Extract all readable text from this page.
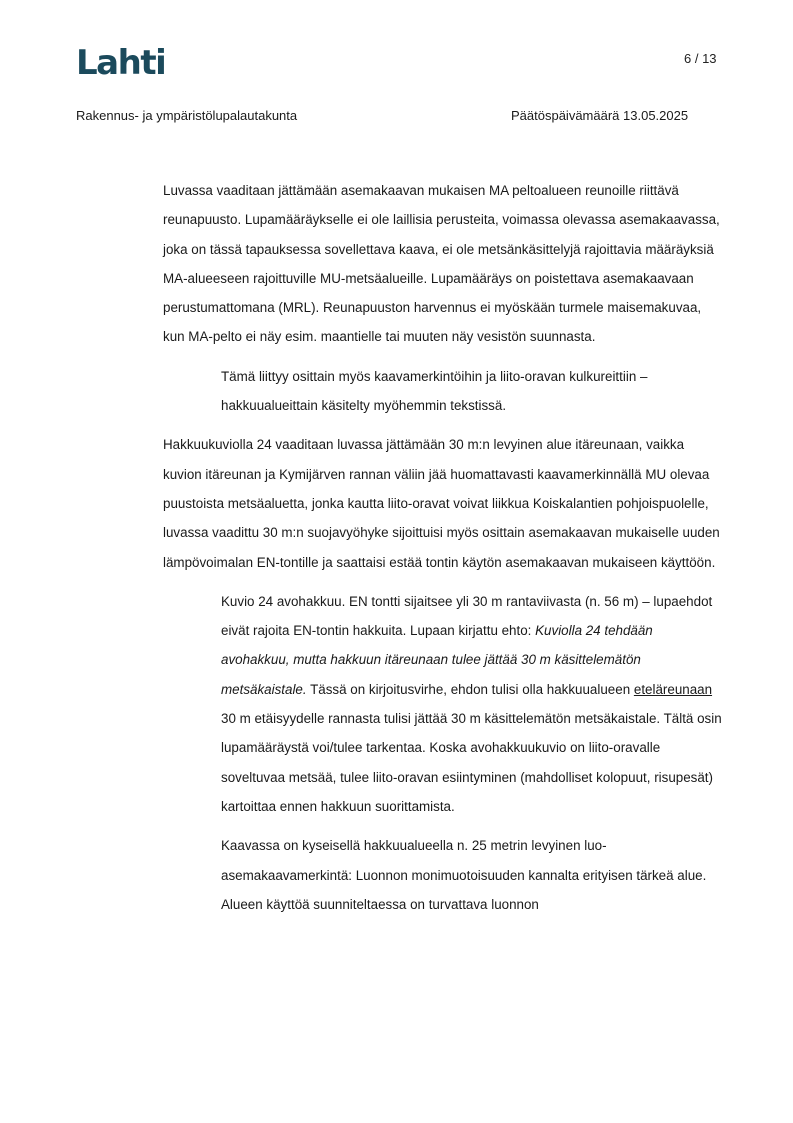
Lahti	6 / 13
Rakennus- ja ympäristölupalautakunta	Päätöspäivämäärä 13.05.2025

Luvassa vaaditaan jättämään asemakaavan mukaisen MA peltoalueen reunoille riittävä reunapuusto. Lupamääräykselle ei ole laillisia perusteita, voimassa olevassa asemakaavassa, joka on tässä tapauksessa sovellettava kaava, ei ole metsänkäsittelyjä rajoittavia määräyksiä MA-alueeseen rajoittuville MU-metsäalueille. Lupamääräys on poistettava asemakaavaan perustumattomana (MRL). Reunapuuston harvennus ei myöskään turmele maisemakuvaa, kun MA-pelto ei näy esim. maantielle tai muuten näy vesistön suunnasta.

Tämä liittyy osittain myös kaavamerkintöihin ja liito-oravan kulkureittiin – hakkuualueittain käsitelty myöhemmin tekstissä.

Hakkuukuviolla 24 vaaditaan luvassa jättämään 30 m:n levyinen alue itäreunaan, vaikka kuvion itäreunan ja Kymijärven rannan väliin jää huomattavasti kaavamerkinnällä MU olevaa puustoista metsäaluetta, jonka kautta liito-oravat voivat liikkua Koiskalantien pohjoispuolelle, luvassa vaadittu 30 m:n suojavyöhyke sijoittuisi myös osittain asemakaavan mukaiselle uuden lämpövoimalan EN-tontille ja saattaisi estää tontin käytön asemakaavan mukaiseen käyttöön.

Kuvio 24 avohakkuu. EN tontti sijaitsee yli 30 m rantaviivasta (n. 56 m) – lupaehdot eivät rajoita EN-tontin hakkuita. Lupaan kirjattu ehto: Kuviolla 24 tehdään avohakkuu, mutta hakkuun itäreunaan tulee jättää 30 m käsittelemätön metsäkaistale. Tässä on kirjoitusvirhe, ehdon tulisi olla hakkuualueen eteläreunaan 30 m etäisyydelle rannasta tulisi jättää 30 m käsittelemätön metsäkaistale. Tältä osin lupamääräystä voi/tulee tarkentaa. Koska avohakkuukuvio on liito-oravalle soveltuvaa metsää, tulee liito-oravan esiintyminen (mahdolliset kolopuut, risupesät) kartoittaa ennen hakkuun suorittamista.

Kaavassa on kyseisellä hakkuualueella n. 25 metrin levyinen luo-asemakaavamerkintä: Luonnon monimuotoisuuden kannalta erityisen tärkeä alue. Alueen käyttöä suunniteltaessa on turvattava luonnon
